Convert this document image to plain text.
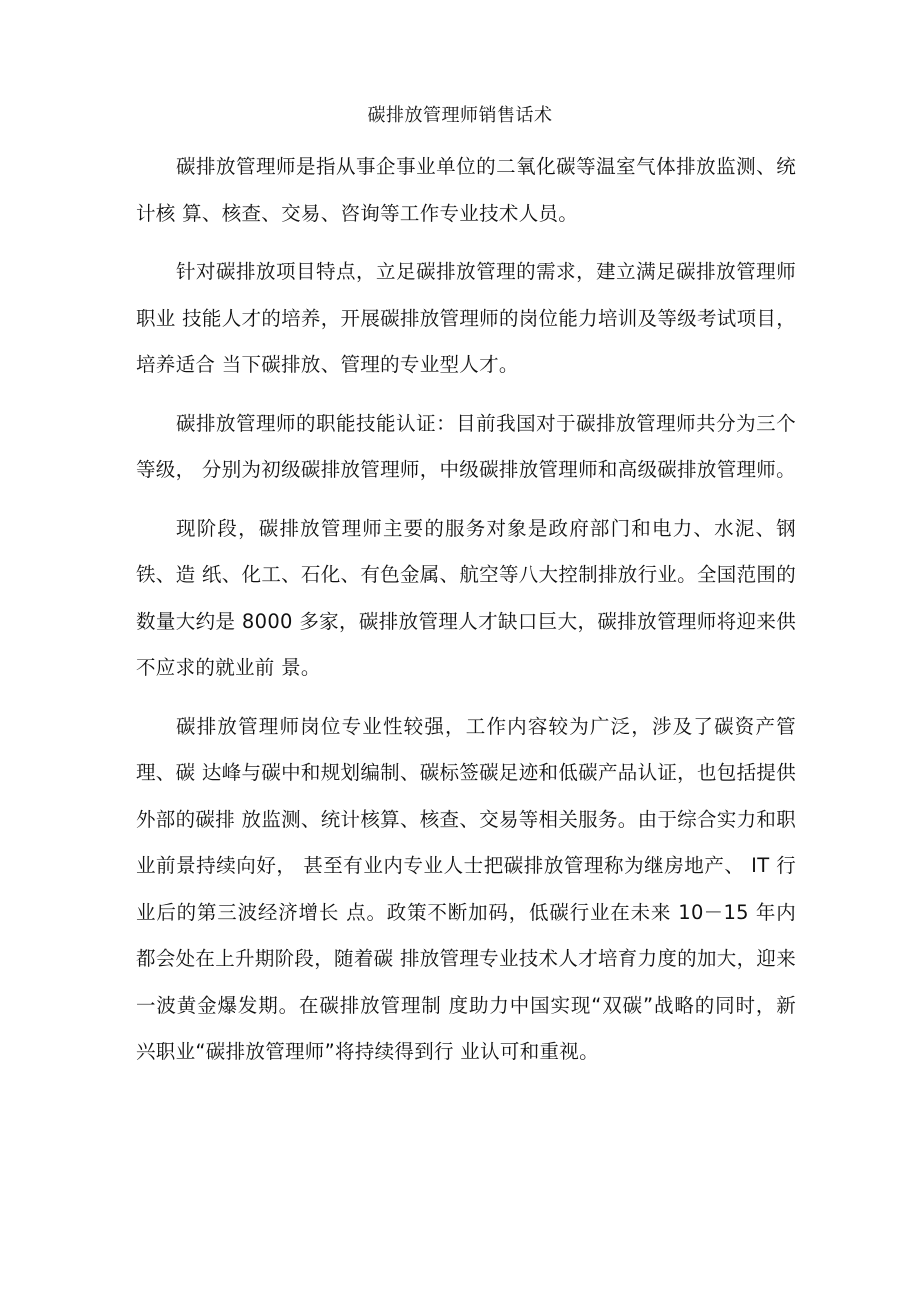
碳排放管理师销售话术

碳排放管理师是指从事企事业单位的二氧化碳等温室气体排放监测、统计核 算、核查、交易、咨询等工作专业技术人员。

针对碳排放项目特点，立足碳排放管理的需求，建立满足碳排放管理师职业 技能人才的培养，开展碳排放管理师的岗位能力培训及等级考试项目，培养适合 当下碳排放、管理的专业型人才。

碳排放管理师的职能技能认证：目前我国对于碳排放管理师共分为三个等级， 分别为初级碳排放管理师，中级碳排放管理师和高级碳排放管理师。

现阶段，碳排放管理师主要的服务对象是政府部门和电力、水泥、钢铁、造 纸、化工、石化、有色金属、航空等八大控制排放行业。全国范围的数量大约是 8000 多家，碳排放管理人才缺口巨大，碳排放管理师将迎来供不应求的就业前 景。

碳排放管理师岗位专业性较强，工作内容较为广泛，涉及了碳资产管理、碳 达峰与碳中和规划编制、碳标签碳足迹和低碳产品认证，也包括提供外部的碳排 放监测、统计核算、核查、交易等相关服务。由于综合实力和职业前景持续向好， 甚至有业内专业人士把碳排放管理称为继房地产、 IT 行业后的第三波经济增长 点。政策不断加码，低碳行业在未来 10－15 年内都会处在上升期阶段，随着碳 排放管理专业技术人才培育力度的加大，迎来一波黄金爆发期。在碳排放管理制 度助力中国实现“双碳”战略的同时，新兴职业“碳排放管理师”将持续得到行 业认可和重视。
